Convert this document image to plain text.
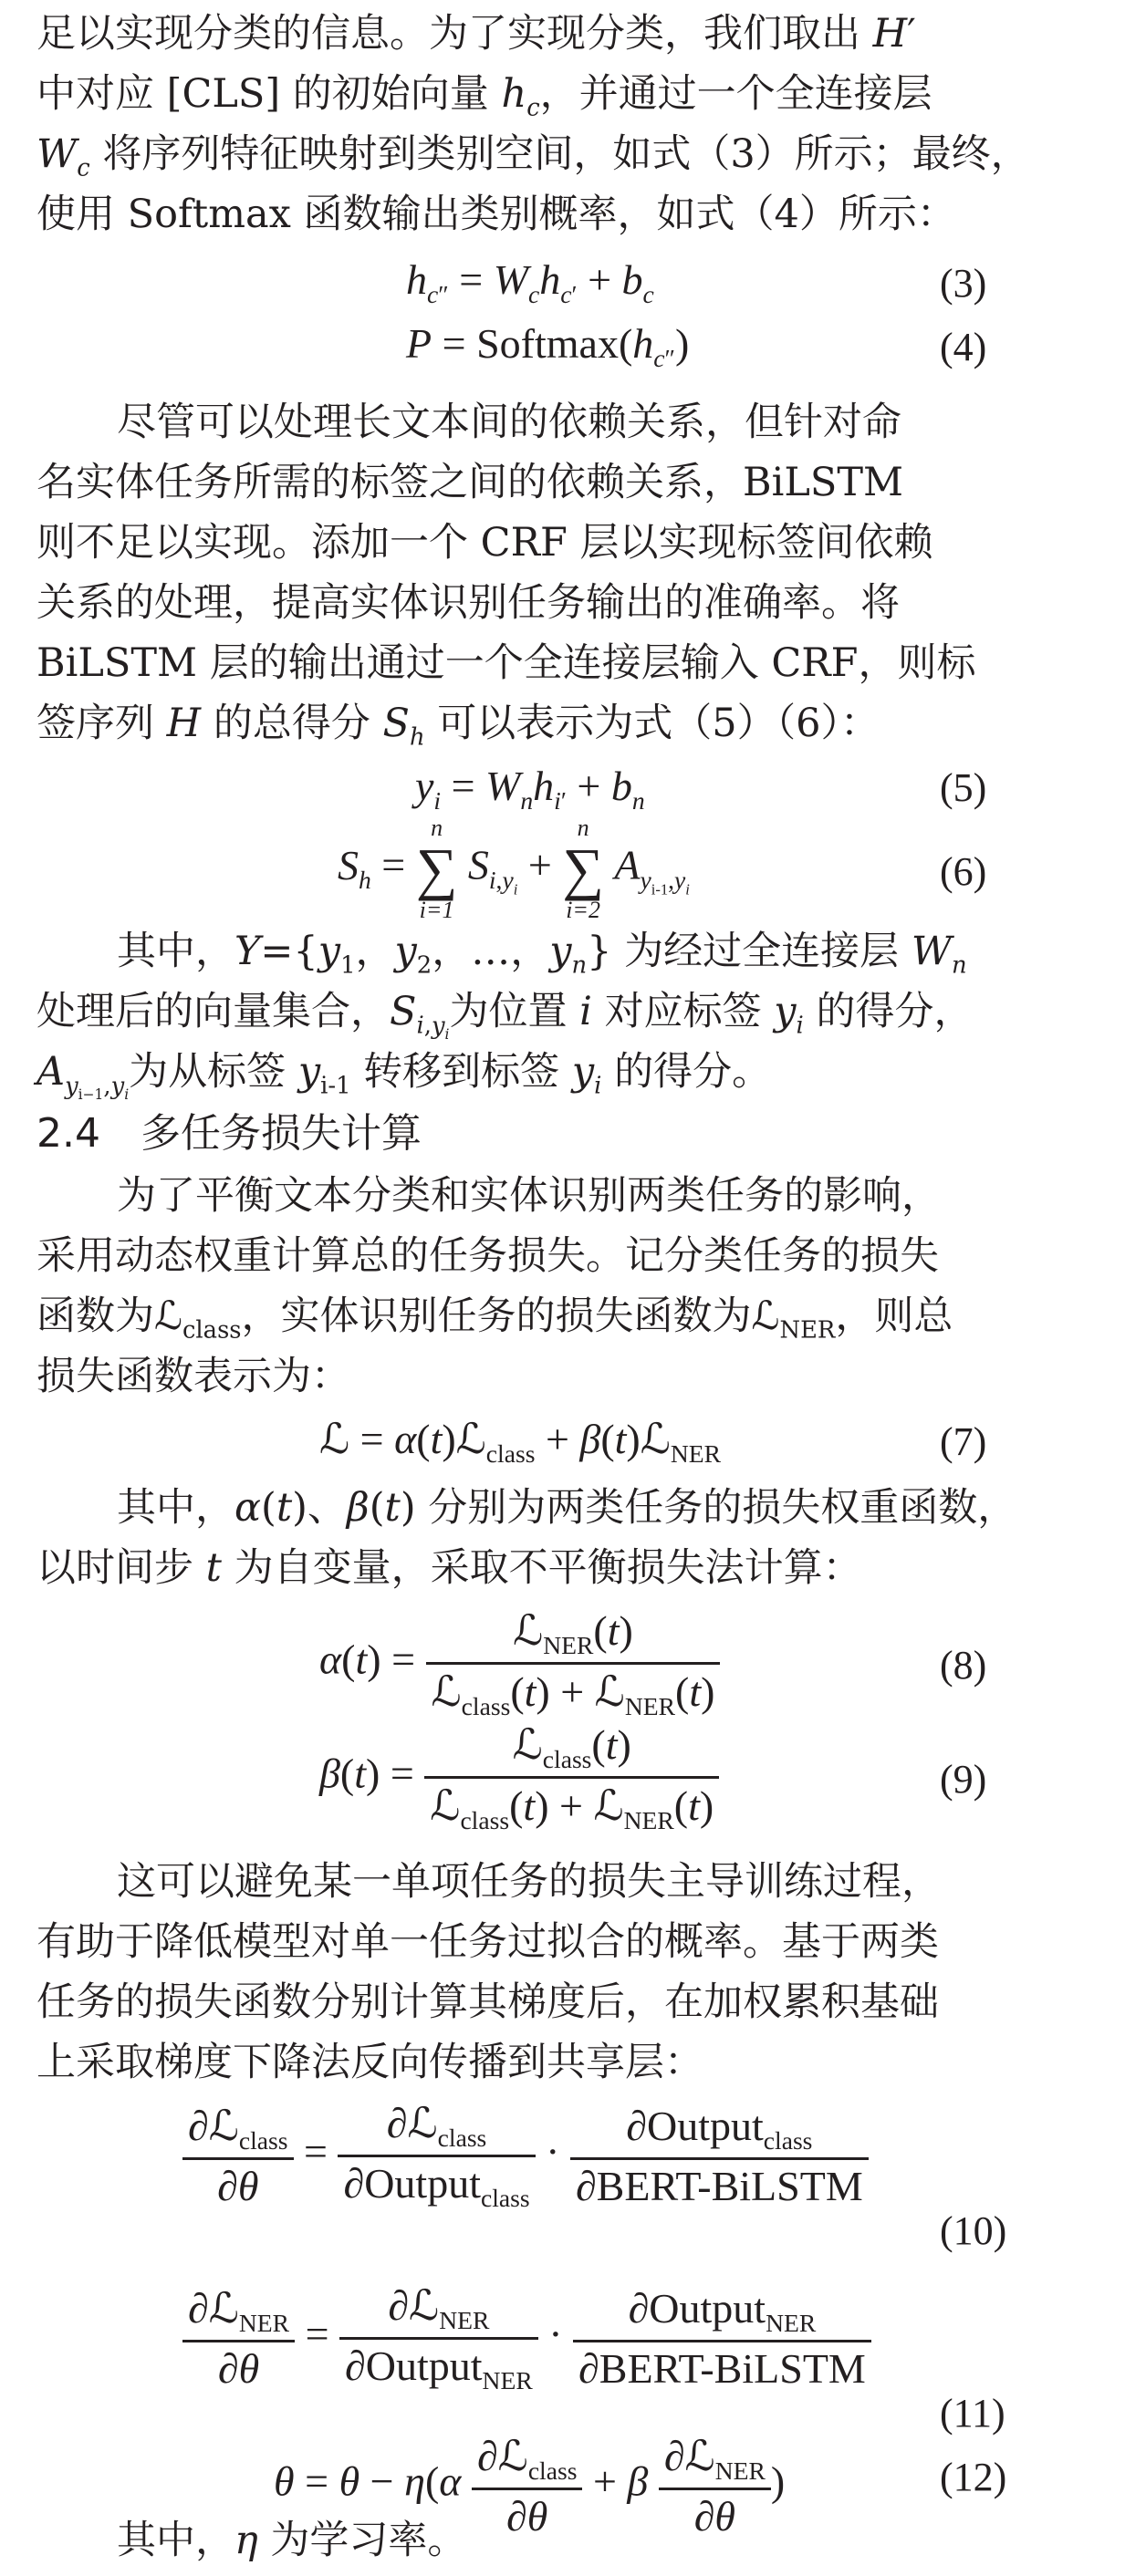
足以实现分类的信息。为了实现分类，我们取出 H′
中对应 [CLS] 的初始向量 $h_c$，并通过一个全连接层
$W_c$ 将序列特征映射到类别空间，如式（3）所示；最终，
使用 Softmax 函数输出类别概率，如式（4）所示：
$h_{c''} = W_ch_{c'} + b_c$	(3)
$P = Softmax(h_{c''})$	(4)
尽管可以处理长文本间的依赖关系，但针对命
名实体任务所需的标签之间的依赖关系，BiLSTM
则不足以实现。添加一个 CRF 层以实现标签间依赖
关系的处理，提高实体识别任务输出的准确率。将
BiLSTM 层的输出通过一个全连接层输入 CRF，则标
签序列 H 的总得分 $S_h$ 可以表示为式（5）（6）：
$y_i = W_nh_{i'} + b_n$	(5)
$S_h$ =
n
∑
i=1
$S_{i,y_i}$ +
n
∑
i=2
$A_{y_{i-1},y_i}$	(6)
其中，$Y=\{y_1$，$y_2$，…，$y_n$} 为经过全连接层 $W_n$
处理后的向量集合，$S_{i,y_i}$为位置 i 对应标签 $y_i$ 的得分，
$A_{y_{i-1},y_i}$为从标签 $y_{i-1}$ 转移到标签 $y_i$ 的得分。
2.4　多任务损失计算
为了平衡文本分类和实体识别两类任务的影响，
采用动态权重计算总的任务损失。记分类任务的损失
函数为ℒ$_{class}$，实体识别任务的损失函数为ℒ$_{NER}$，则总
损失函数表示为：
ℒ = α(t)ℒ$_{class}$ + β(t)ℒ$_{NER}$	(7)
其中，α(t)、β(t) 分别为两类任务的损失权重函数，
以时间步 t 为自变量，采取不平衡损失法计算：
$\alpha(t) = \frac{ℒ_{NER}(t)}{ℒ_{class}(t) + ℒ_{NER}(t)}$	(8)
$\beta(t) = \frac{ℒ_{class}(t)}{ℒ_{class}(t) + ℒ_{NER}(t)}$	(9)
这可以避免某一单项任务的损失主导训练过程，
有助于降低模型对单一任务过拟合的概率。基于两类
任务的损失函数分别计算其梯度后，在加权累积基础
上采取梯度下降法反向传播到共享层：
$\frac{\partial ℒ_{class}}{\partial\theta} = \frac{\partial ℒ_{class}}{\partial Output_{class}} \cdot \frac{\partial Output_{class}}{\text{∂BERT-BiLSTM}}$
(10)
$\frac{\partial ℒ_{NER}}{\partial\theta} = \frac{\partial ℒ_{NER}}{\partial Output_{NER}} \cdot \frac{\partial Output_{NER}}{\text{∂BERT-BiLSTM}}$
(11)
$\theta = \theta - \eta(\alpha \frac{\partial ℒ_{class}}{\partial\theta} + \beta \frac{\partial ℒ_{NER}}{\partial\theta}$ )	(12)
其中，η 为学习率。
